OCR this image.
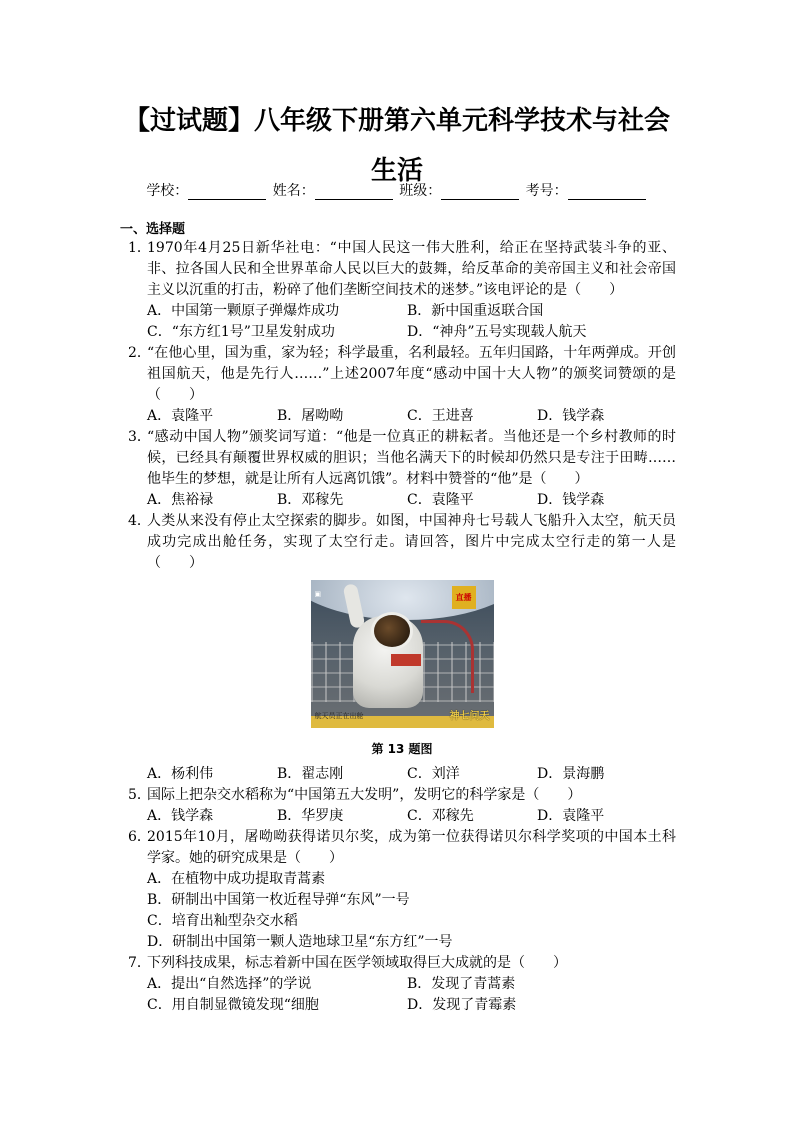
【过试题】八年级下册第六单元科学技术与社会生活
学校：	姓名：	班级：	考号：
一、选择题
1．
1970年4月25日新华社电：“中国人民这一伟大胜利，给正在坚持武装斗争的亚、非、拉各国人民和全世界革命人民以巨大的鼓舞，给反革命的美帝国主义和社会帝国主义以沉重的打击，粉碎了他们垄断空间技术的迷梦。”该电评论的是（　　）
A．中国第一颗原子弹爆炸成功	B．新中国重返联合国
C．“东方红1号”卫星发射成功	D．“神舟”五号实现载人航天
2．
“在他心里，国为重，家为轻；科学最重，名利最轻。五年归国路，十年两弹成。开创祖国航天，他是先行人……”上述2007年度“感动中国十大人物”的颁奖词赞颂的是（　　）
A．袁隆平	B．屠呦呦	C．王进喜	D．钱学森
3．
“感动中国人物”颁奖词写道：“他是一位真正的耕耘者。当他还是一个乡村教师的时候，已经具有颠覆世界权威的胆识；当他名满天下的时候却仍然只是专注于田畴……他毕生的梦想，就是让所有人远离饥饿”。材料中赞誉的“他”是（　　）
A．焦裕禄	B．邓稼先	C．袁隆平	D．钱学森
4．
人类从来没有停止太空探索的脚步。如图，中国神舟七号载人飞船升入太空，航天员成功完成出舱任务，实现了太空行走。请回答，图片中完成太空行走的第一人是（　　）
▣	直播
航天员正在出舱	神七问天
第 13 题图
A．杨利伟	B．翟志刚	C．刘洋	D．景海鹏
5．
国际上把杂交水稻称为“中国第五大发明”，发明它的科学家是（　　）
A．钱学森	B．华罗庚	C．邓稼先	D．袁隆平
6．
2015年10月，屠呦呦获得诺贝尔奖，成为第一位获得诺贝尔科学奖项的中国本土科学家。她的研究成果是（　　）
A．在植物中成功提取青蒿素
B．研制出中国第一枚近程导弹“东风”一号
C．培育出籼型杂交水稻
D．研制出中国第一颗人造地球卫星“东方红”一号
7．
下列科技成果，标志着新中国在医学领域取得巨大成就的是（　　）
A．提出“自然选择”的学说	B．发现了青蒿素
C．用自制显微镜发现“细胞	D．发现了青霉素
